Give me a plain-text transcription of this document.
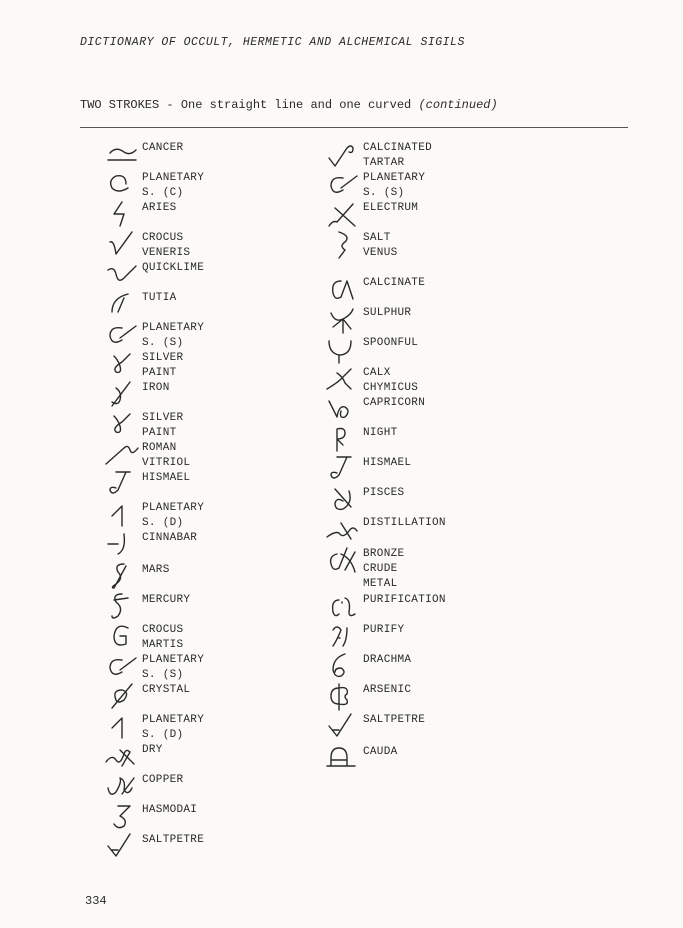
DICTIONARY OF OCCULT, HERMETIC AND ALCHEMICAL SIGILS
TWO STROKES - One straight line and one curved (continued)
CANCER
PLANETARY S. (C)
ARIES
CROCUS VENERIS
QUICKLIME
TUTIA
PLANETARY S. (S)
SILVER PAINT
IRON
SILVER PAINT
ROMAN VITRIOL
HISMAEL
PLANETARY S. (D)
CINNABAR
MARS
MERCURY
CROCUS MARTIS
PLANETARY S. (S)
CRYSTAL
PLANETARY S. (D)
DRY
COPPER
HASMODAI
SALTPETRE
CALCINATED TARTAR
PLANETARY S. (S)
ELECTRUM
SALT
VENUS
CALCINATE
SULPHUR
SPOONFUL
CALX CHYMICUS
CAPRICORN
NIGHT
HISMAEL
PISCES
DISTILLATION
BRONZE
CRUDE METAL
PURIFICATION
PURIFY
DRACHMA
ARSENIC
SALTPETRE
CAUDA
334
